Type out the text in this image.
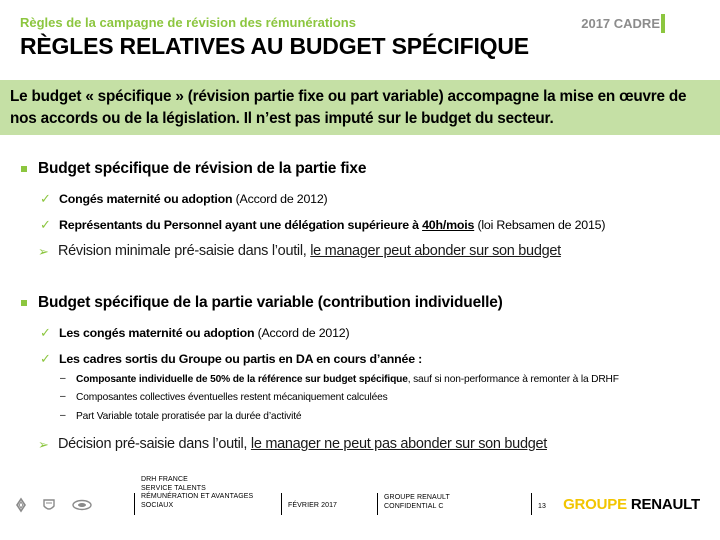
Règles de la campagne de révision des rémunérations
RÈGLES RELATIVES AU BUDGET SPÉCIFIQUE
2017 CADRE
Le budget « spécifique » (révision partie fixe ou part variable) accompagne la mise en œuvre de nos accords ou de la législation. Il n’est pas imputé sur le budget du secteur.
Budget spécifique de révision de la partie fixe
✓ Congés maternité ou adoption (Accord de 2012)
✓ Représentants du Personnel ayant une délégation supérieure à 40h/mois (loi Rebsamen de 2015)
➢ Révision minimale pré-saisie dans l’outil, le manager peut abonder sur son budget
Budget spécifique de la partie variable (contribution individuelle)
✓ Les congés maternité ou adoption (Accord de 2012)
✓ Les cadres sortis du Groupe ou partis en DA en cours d’année :
– Composante individuelle de 50% de la référence sur budget spécifique, sauf si non-performance à remonter à la DRHF
– Composantes collectives éventuelles restent mécaniquement calculées
– Part Variable totale proratisée par la durée d’activité
➢ Décision pré-saisie dans l’outil, le manager ne peut pas abonder sur son budget
DRH FRANCE
SERVICE TALENTS
RÉMUNÉRATION ET AVANTAGES
SOCIAUX	FÉVRIER 2017
GROUPE RENAULT
CONFIDENTIAL C	13 GROUPE RENAULT
